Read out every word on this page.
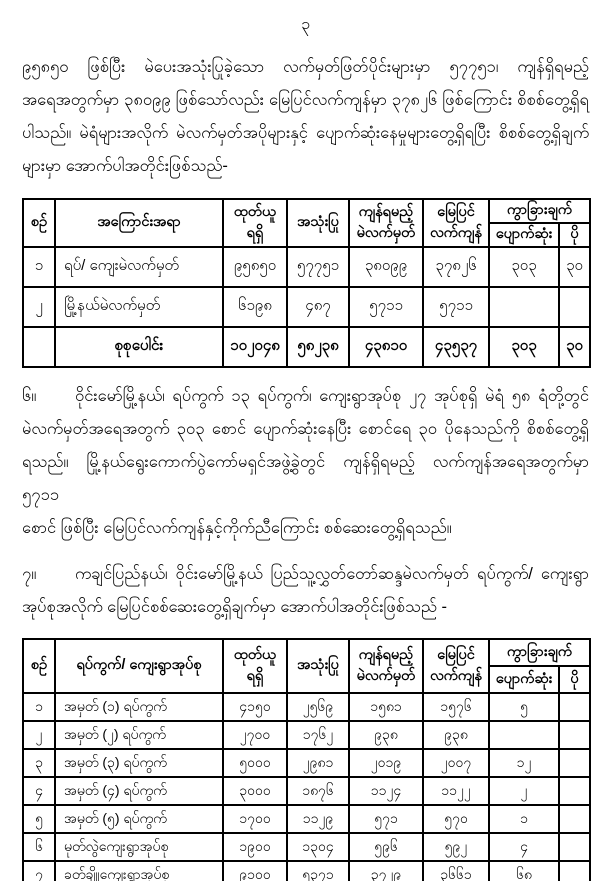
၃
၉၅၈၅၀ ဖြစ်ပြီး မဲပေးအသုံးပြုခဲ့သော လက်မှတ်ဖြတ်ပိုင်းများမှာ ၅၇၇၅၁၊ ကျန်ရှိရမည့်
အရေအတွက်မှာ ၃၈၀၉၉ ဖြစ်သော်လည်း မြေပြင်လက်ကျန်မှာ ၃၇၈၂၆ ဖြစ်ကြောင်း စိစစ်တွေ့ရှိရ
ပါသည်။ မဲရံများအလိုက် မဲလက်မှတ်အပိုများနှင့် ပျောက်ဆုံးနေမှုများတွေ့ရှိရပြီး စိစစ်တွေ့ရှိချက်
များမှာ အောက်ပါအတိုင်းဖြစ်သည်-
စဉ်	အကြောင်းအရာ	ထုတ်ယူ ရရှိ	အသုံးပြု	ကျန်ရမည့် မဲလက်မှတ်	မြေပြင် လက်ကျန်	ကွာခြားချက်	
						ပျောက်ဆုံး	ပို
၁	ရပ်/ ကျေးမဲလက်မှတ်	၉၅၈၅၀	၅၇၇၅၁	၃၈၀၉၉	၃၇၈၂၆	၃၀၃	၃၀
၂	မြို့နယ်မဲလက်မှတ်	၆၁၉၈	၄၈၇	၅၇၁၁	၅၇၁၁		
	စုစုပေါင်း	၁၀၂၀၄၈	၅၈၂၃၈	၄၃၈၁၀	၄၃၅၃၇	၃၀၃	၃၀
၆။ ဝိုင်းမော်မြို့နယ်၊ ရပ်ကွက် ၁၃ ရပ်ကွက်၊ ကျေးရွာအုပ်စု ၂၇ အုပ်စုရှိ မဲရံ ၅၈ ရံတို့တွင်
မဲလက်မှတ်အရေအတွက် ၃၀၃ စောင် ပျောက်ဆုံးနေပြီး စောင်ရေ ၃၀ ပိုနေသည်ကို စိစစ်တွေ့ရှိ
ရသည်။ မြို့နယ်ရွေးကောက်ပွဲကော်မရှင်အဖွဲ့ခွဲတွင် ကျန်ရှိရမည့် လက်ကျန်အရေအတွက်မှာ ၅၇၁၁
စောင် ဖြစ်ပြီး မြေပြင်လက်ကျန်နှင့်ကိုက်ညီကြောင်း စစ်ဆေးတွေ့ရှိရသည်။
၇။ ကချင်ပြည်နယ်၊ ဝိုင်းမော်မြို့နယ် ပြည်သူ့လွှတ်တော်ဆန္ဒမဲလက်မှတ် ရပ်ကွက်/ ကျေးရွာ
အုပ်စုအလိုက် မြေပြင်စစ်ဆေးတွေ့ရှိချက်မှာ အောက်ပါအတိုင်းဖြစ်သည် -
စဉ်	ရပ်ကွက်/ ကျေးရွာအုပ်စု	ထုတ်ယူ ရရှိ	အသုံးပြု	ကျန်ရမည့် မဲလက်မှတ်	မြေပြင် လက်ကျန်	ကွာခြားချက်	
						ပျောက်ဆုံး	ပို
၁	အမှတ် (၁) ရပ်ကွက်	၄၁၅၀	၂၅၆၉	၁၅၈၁	၁၅၇၆	၅	
၂	အမှတ် (၂) ရပ်ကွက်	၂၇၀၀	၁၇၆၂	၉၃၈	၉၃၈		
၃	အမှတ် (၃) ရပ်ကွက်	၅၀၀၀	၂၉၈၁	၂၀၁၉	၂၀၀၇	၁၂	
၄	အမှတ် (၄) ရပ်ကွက်	၃၀၀၀	၁၈၇၆	၁၁၂၄	၁၁၂၂	၂	
၅	အမှတ် (၅) ရပ်ကွက်	၁၇၀၀	၁၁၂၉	၅၇၁	၅၇၀	၁	
၆	မုတ်လွဲကျေးရွာအုပ်စု	၁၉၀၀	၁၃၀၄	၅၉၆	၅၉၂	၄	
၇	ခတ်ချိူကျေးရွာအုပ်စု	၉၁၀၀	၅၃၇၁	၃၇၂၉	၃၆၆၁	၆၈	
